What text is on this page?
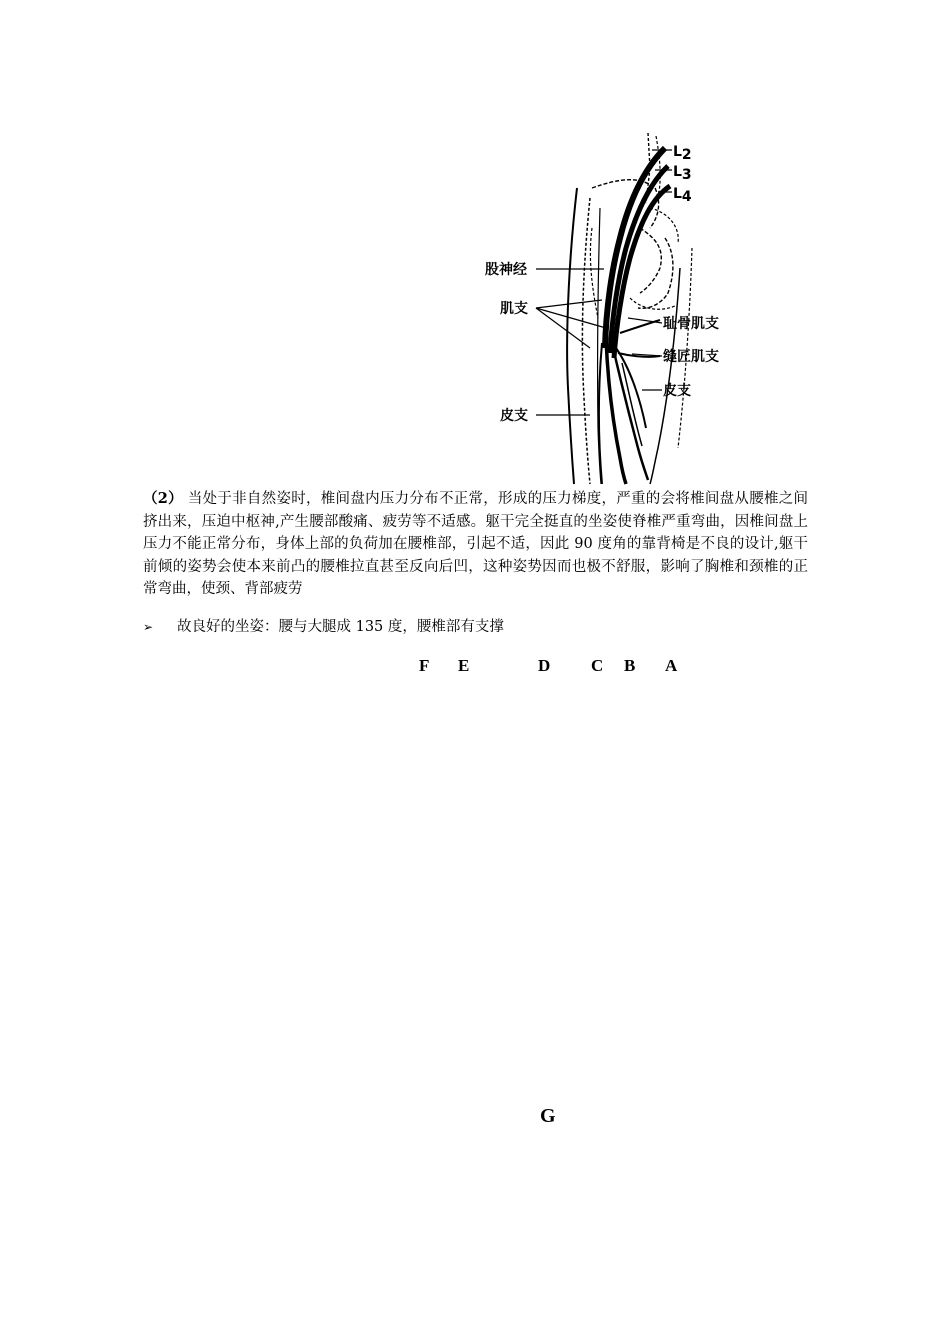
L2
L3
L4
股神经
肌支
耻骨肌支
缝匠肌支
皮支
皮支
（2） 当处于非自然姿时，椎间盘内压力分布不正常，形成的压力梯度，严重的会将椎间盘从腰椎之间挤出来，压迫中枢神,产生腰部酸痛、疲劳等不适感。躯干完全挺直的坐姿使脊椎严重弯曲，因椎间盘上压力不能正常分布，身体上部的负荷加在腰椎部，引起不适，因此 90 度角的靠背椅是不良的设计,躯干前倾的姿势会使本来前凸的腰椎拉直甚至反向后凹，这种姿势因而也极不舒服，影响了胸椎和颈椎的正常弯曲，使颈、背部疲劳
➢ 故良好的坐姿：腰与大腿成 135 度，腰椎部有支撑
F E	D C B A
G
